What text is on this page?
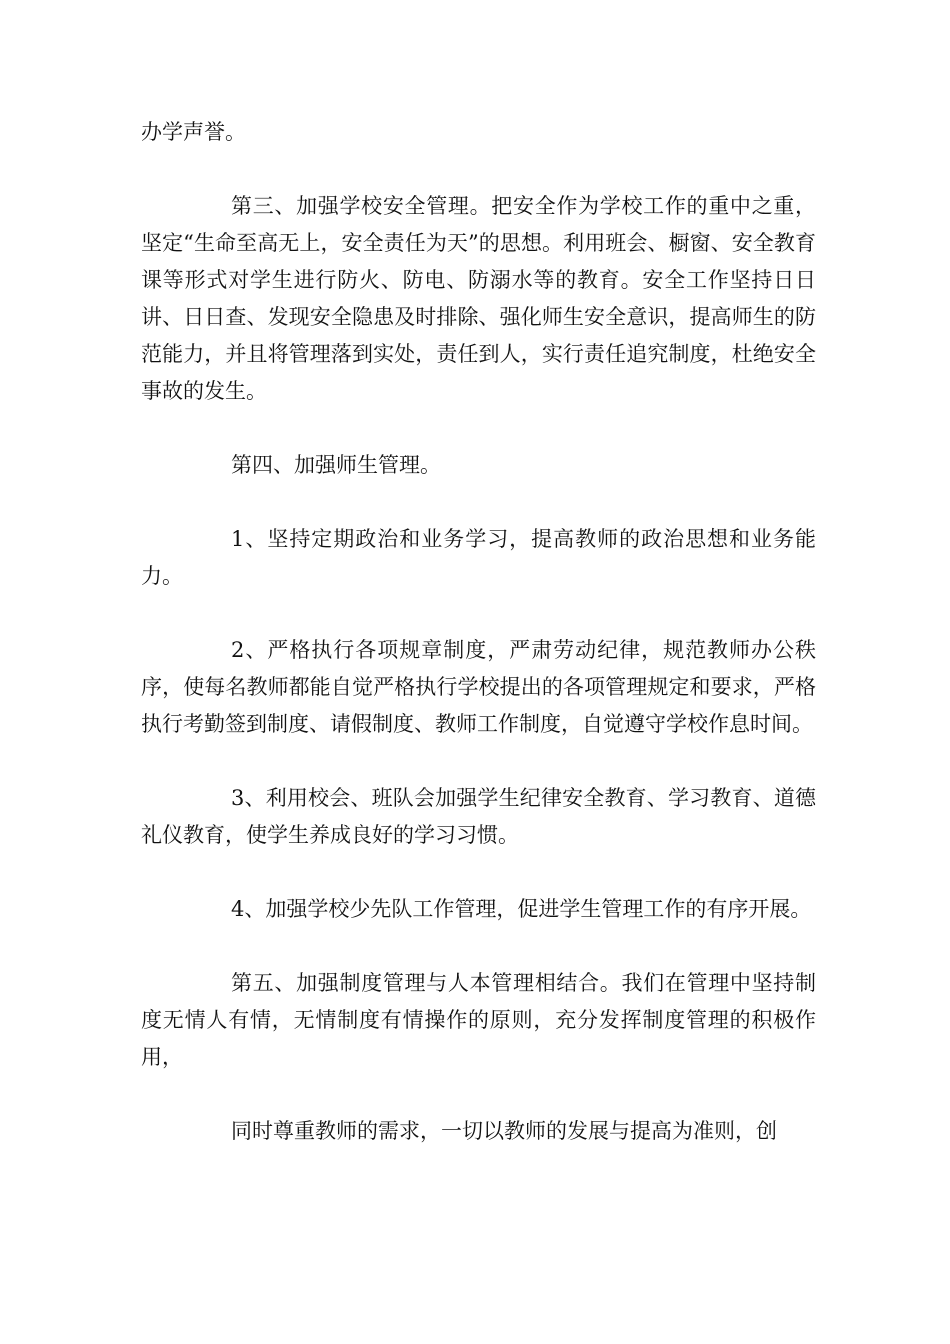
办学声誉。

第三、加强学校安全管理。把安全作为学校工作的重中之重，坚定“生命至高无上，安全责任为天”的思想。利用班会、橱窗、安全教育课等形式对学生进行防火、防电、防溺水等的教育。安全工作坚持日日讲、日日查、发现安全隐患及时排除、强化师生安全意识，提高师生的防范能力，并且将管理落到实处，责任到人，实行责任追究制度，杜绝安全事故的发生。

第四、加强师生管理。

1、坚持定期政治和业务学习，提高教师的政治思想和业务能力。

2、严格执行各项规章制度，严肃劳动纪律，规范教师办公秩序，使每名教师都能自觉严格执行学校提出的各项管理规定和要求，严格执行考勤签到制度、请假制度、教师工作制度，自觉遵守学校作息时间。

3、利用校会、班队会加强学生纪律安全教育、学习教育、道德礼仪教育，使学生养成良好的学习习惯。

4、加强学校少先队工作管理，促进学生管理工作的有序开展。

第五、加强制度管理与人本管理相结合。我们在管理中坚持制度无情人有情，无情制度有情操作的原则，充分发挥制度管理的积极作用，

同时尊重教师的需求，一切以教师的发展与提高为准则，创
